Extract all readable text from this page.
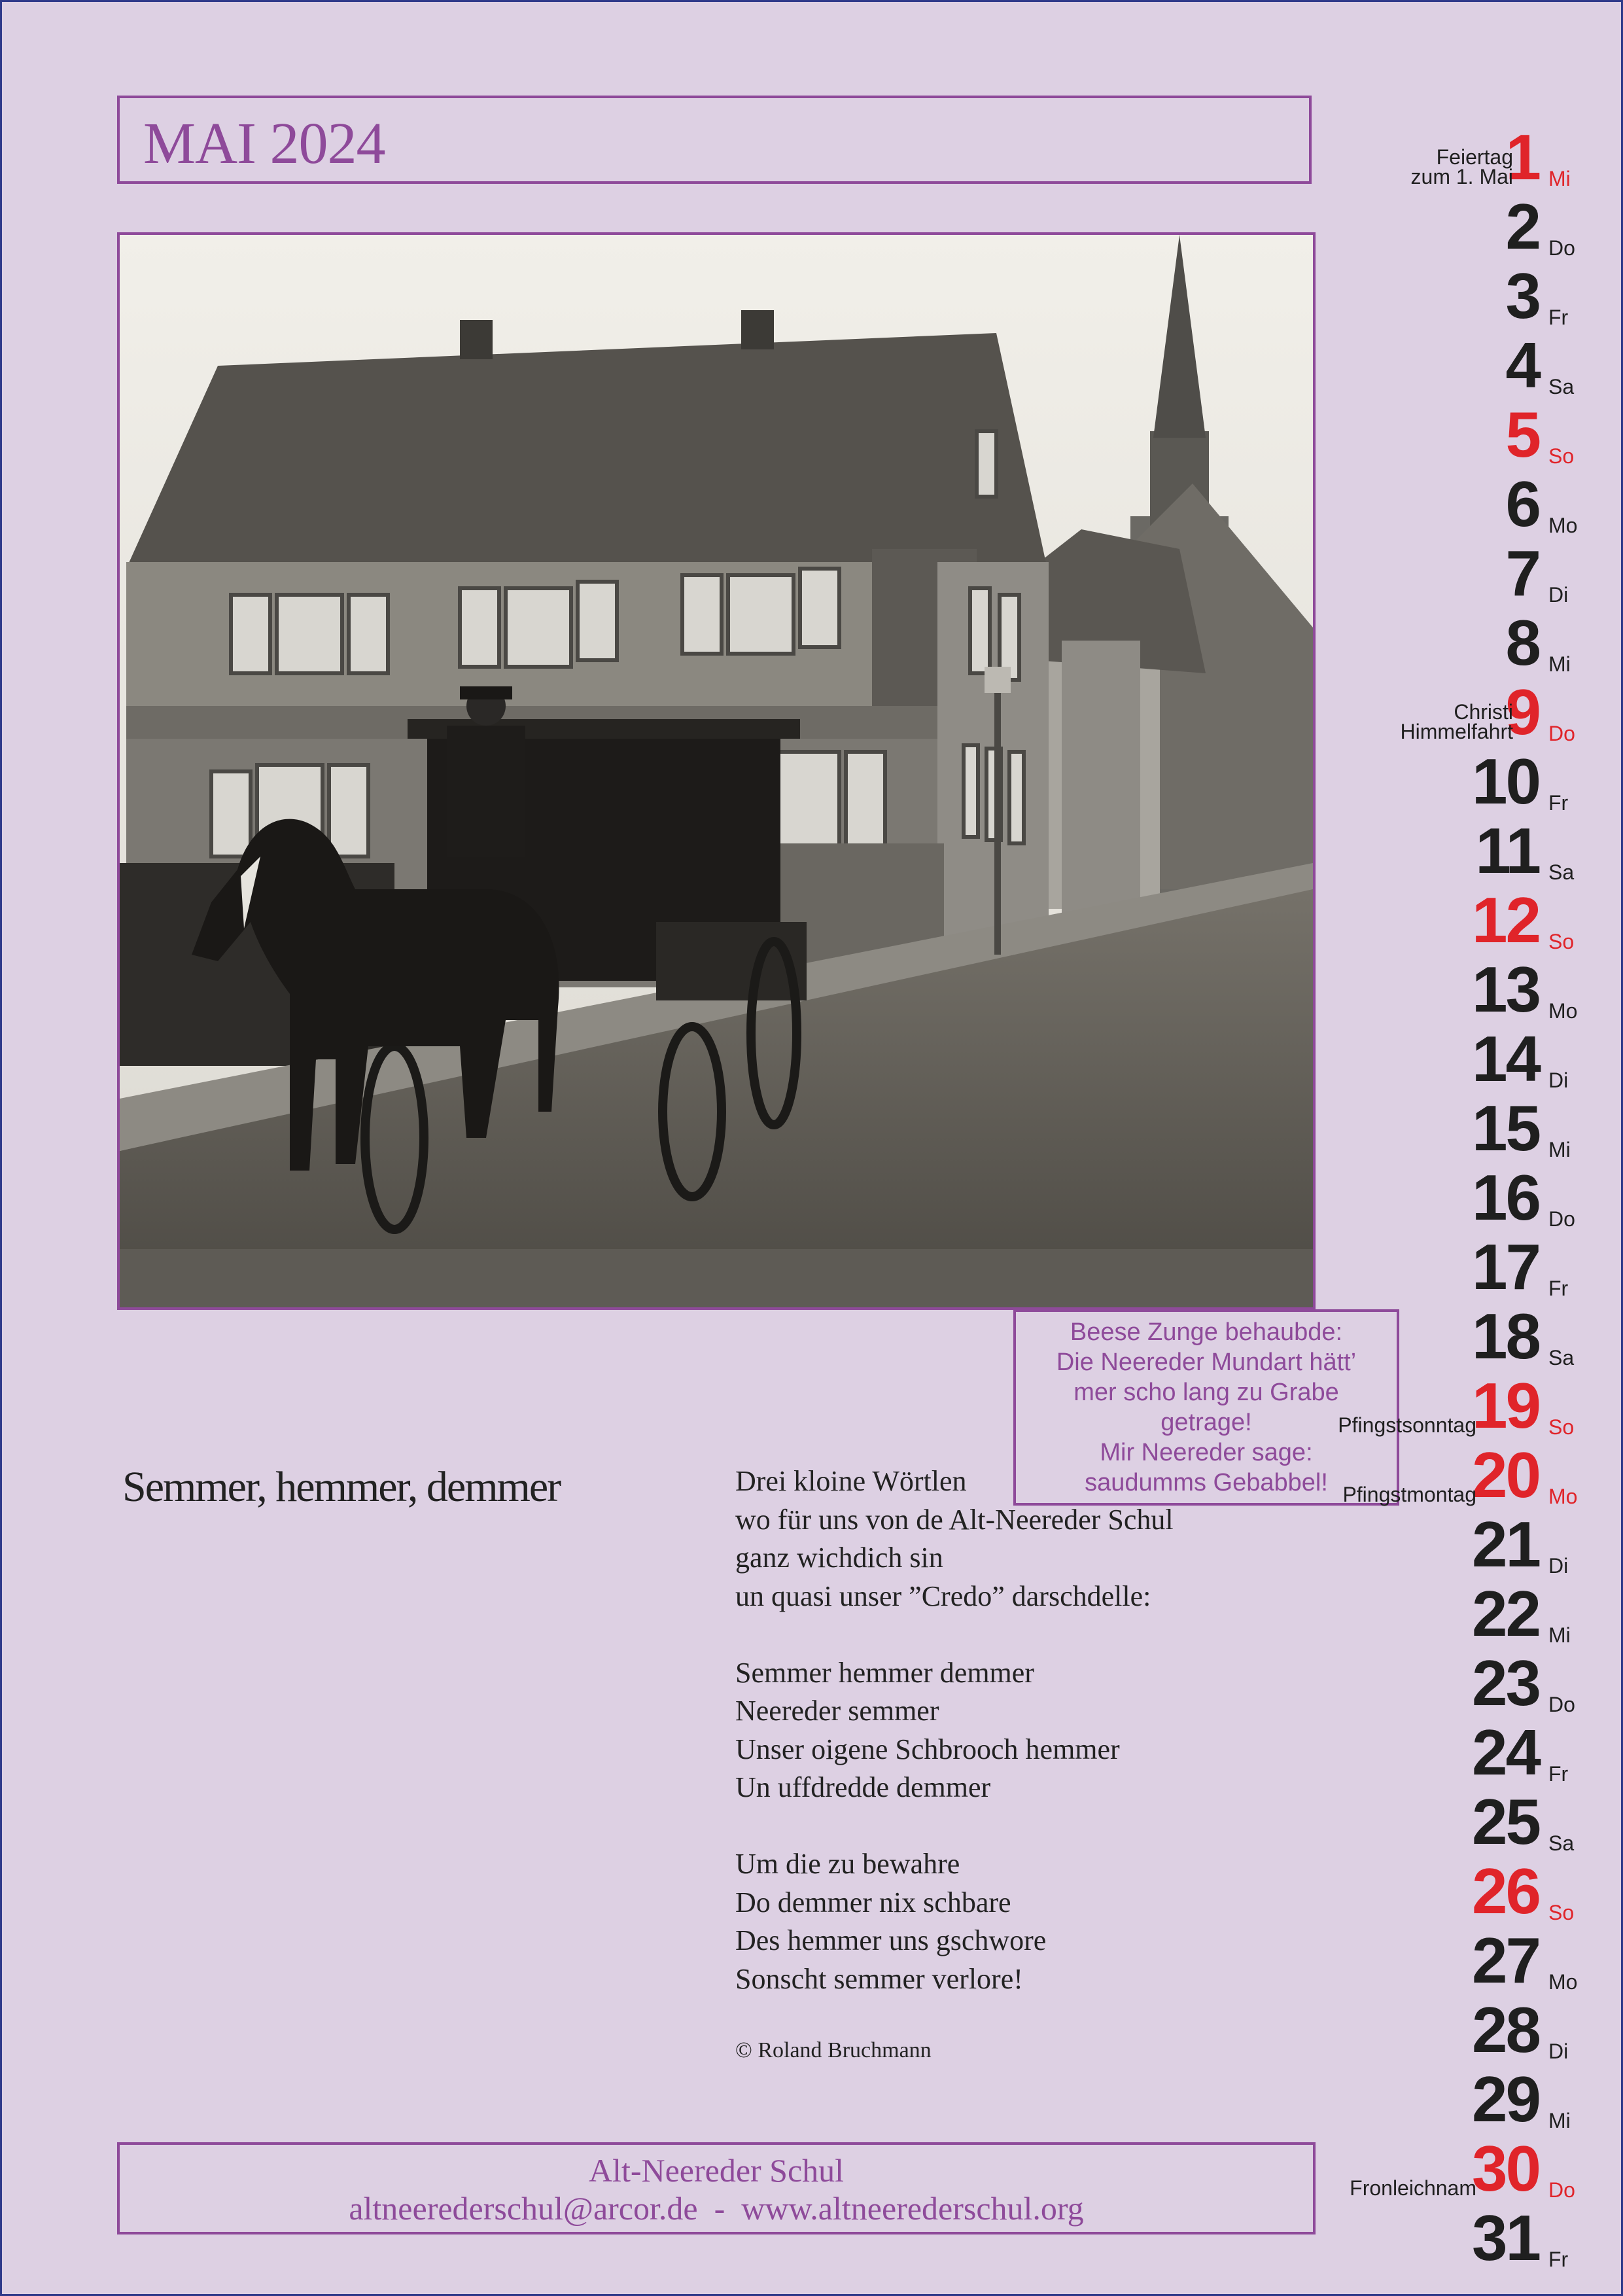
MAI 2024
Beese Zunge behaubde:
Die Neereder Mundart hätt’
mer scho lang zu Grabe
getrage!
Mir Neereder sage:
saudumms Gebabbel!
Semmer, hemmer, demmer	Drei kloine Wörtlen
wo für uns von de Alt-Neereder Schul
ganz wichdich sin
un quasi unser ”Credo” darschdelle:
Semmer hemmer demmer
Neereder semmer
Unser oigene Schbrooch hemmer
Un uffdredde demmer
Um die zu bewahre
Do demmer nix schbare
Des hemmer uns gschwore
Sonscht semmer verlore!
© Roland Bruchmann
Alt-Neereder Schul
altneerederschul@arcor.de  -  www.altneerederschul.org
1 Mi
Feiertag
zum 1. Mai
2 Do
3 Fr
4 Sa
5 So
6 Mo
7 Di
8 Mi
9 Do
Christi
Himmelfahrt
10 Fr
11 Sa
12 So
13 Mo
14 Di
15 Mi
16 Do
17 Fr
18 Sa
19 So
Pfingstsonntag
20 Mo
Pfingstmontag
21 Di
22 Mi
23 Do
24 Fr
25 Sa
26 So
27 Mo
28 Di
29 Mi
30 Do
Fronleichnam
31 Fr
